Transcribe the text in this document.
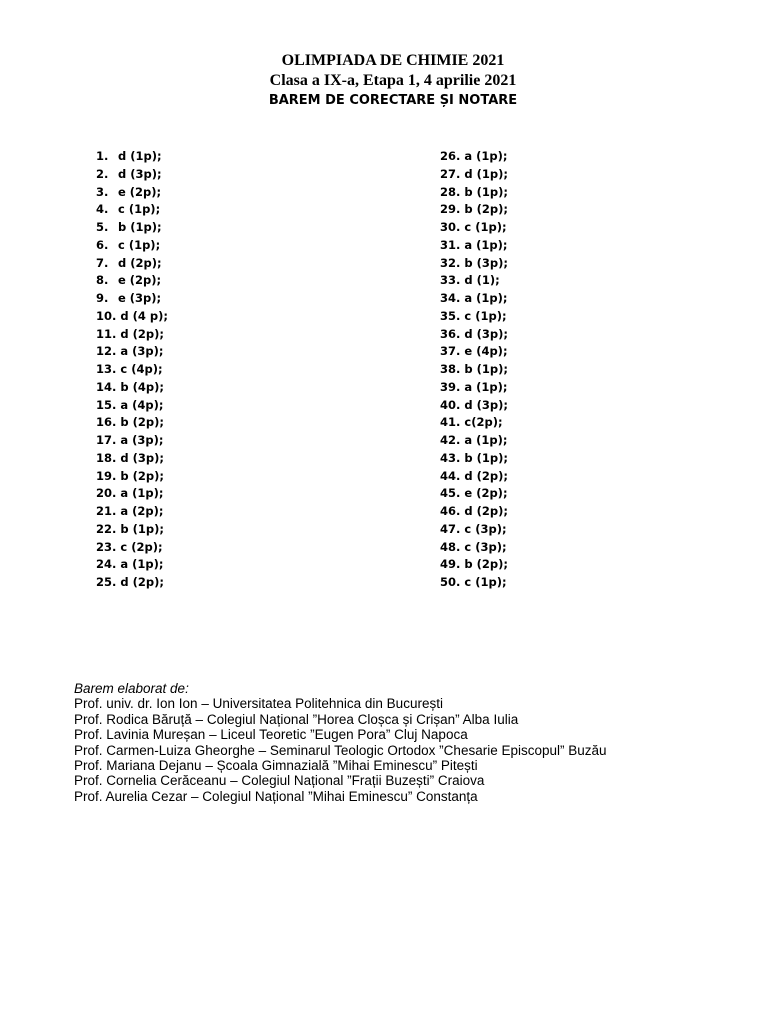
OLIMPIADA DE CHIMIE 2021

Clasa a IX-a, Etapa 1, 4 aprilie 2021

BAREM DE CORECTARE ȘI NOTARE

1. d (1p);
2. d (3p);
3. e (2p);
4. c (1p);
5. b (1p);
6. c (1p);
7. d (2p);
8. e (2p);
9. e (3p);
10. d (4 p);
11. d (2p);
12. a (3p);
13. c (4p);
14. b (4p);
15. a (4p);
16. b (2p);
17. a (3p);
18. d (3p);
19. b (2p);
20. a (1p);
21. a (2p);
22. b (1p);
23. c (2p);
24. a (1p);
25. d (2p);
26. a (1p);
27. d (1p);
28. b (1p);
29. b (2p);
30. c (1p);
31. a (1p);
32. b (3p);
33. d (1);
34. a (1p);
35. c (1p);
36. d (3p);
37. e (4p);
38. b (1p);
39. a (1p);
40. d (3p);
41. c(2p);
42. a (1p);
43. b (1p);
44. d (2p);
45. e (2p);
46. d (2p);
47. c (3p);
48. c (3p);
49. b (2p);
50. c (1p);
Barem elaborat de:
Prof. univ. dr. Ion Ion – Universitatea Politehnica din București
Prof. Rodica Băruță – Colegiul Național ”Horea Cloșca și Crișan” Alba Iulia
Prof. Lavinia Mureșan – Liceul Teoretic ”Eugen Pora” Cluj Napoca
Prof. Carmen-Luiza Gheorghe – Seminarul Teologic Ortodox ”Chesarie Episcopul” Buzău
Prof. Mariana Dejanu – Școala Gimnazială ”Mihai Eminescu” Pitești
Prof. Cornelia Cerăceanu – Colegiul Național ”Frații Buzești” Craiova
Prof. Aurelia Cezar – Colegiul Național ”Mihai Eminescu” Constanța
